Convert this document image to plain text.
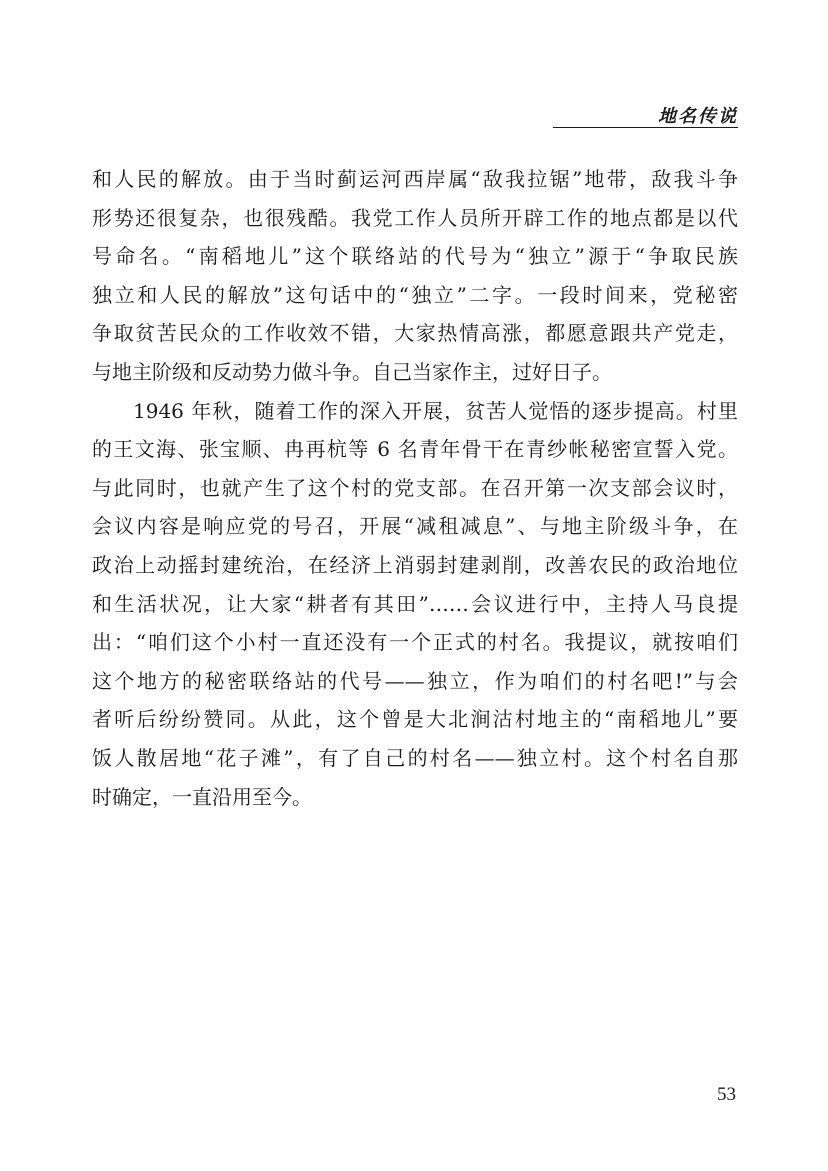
地名传说
和人民的解放。由于当时蓟运河西岸属“敌我拉锯”地带，敌我斗争
形势还很复杂，也很残酷。我党工作人员所开辟工作的地点都是以代
号命名。“南稻地儿”这个联络站的代号为“独立”源于“争取民族
独立和人民的解放”这句话中的“独立”二字。一段时间来，党秘密
争取贫苦民众的工作收效不错，大家热情高涨，都愿意跟共产党走，
与地主阶级和反动势力做斗争。自己当家作主，过好日子。
1946 年秋，随着工作的深入开展，贫苦人觉悟的逐步提高。村里
的王文海、张宝顺、冉再杭等 6 名青年骨干在青纱帐秘密宣誓入党。
与此同时，也就产生了这个村的党支部。在召开第一次支部会议时，
会议内容是响应党的号召，开展“减租减息”、与地主阶级斗争，在
政治上动摇封建统治，在经济上消弱封建剥削，改善农民的政治地位
和生活状况，让大家“耕者有其田”……会议进行中，主持人马良提
出：“咱们这个小村一直还没有一个正式的村名。我提议，就按咱们
这个地方的秘密联络站的代号——独立，作为咱们的村名吧!”与会
者听后纷纷赞同。从此，这个曾是大北涧沽村地主的“南稻地儿”要
饭人散居地“花子滩”，有了自己的村名——独立村。这个村名自那
时确定，一直沿用至今。
53
